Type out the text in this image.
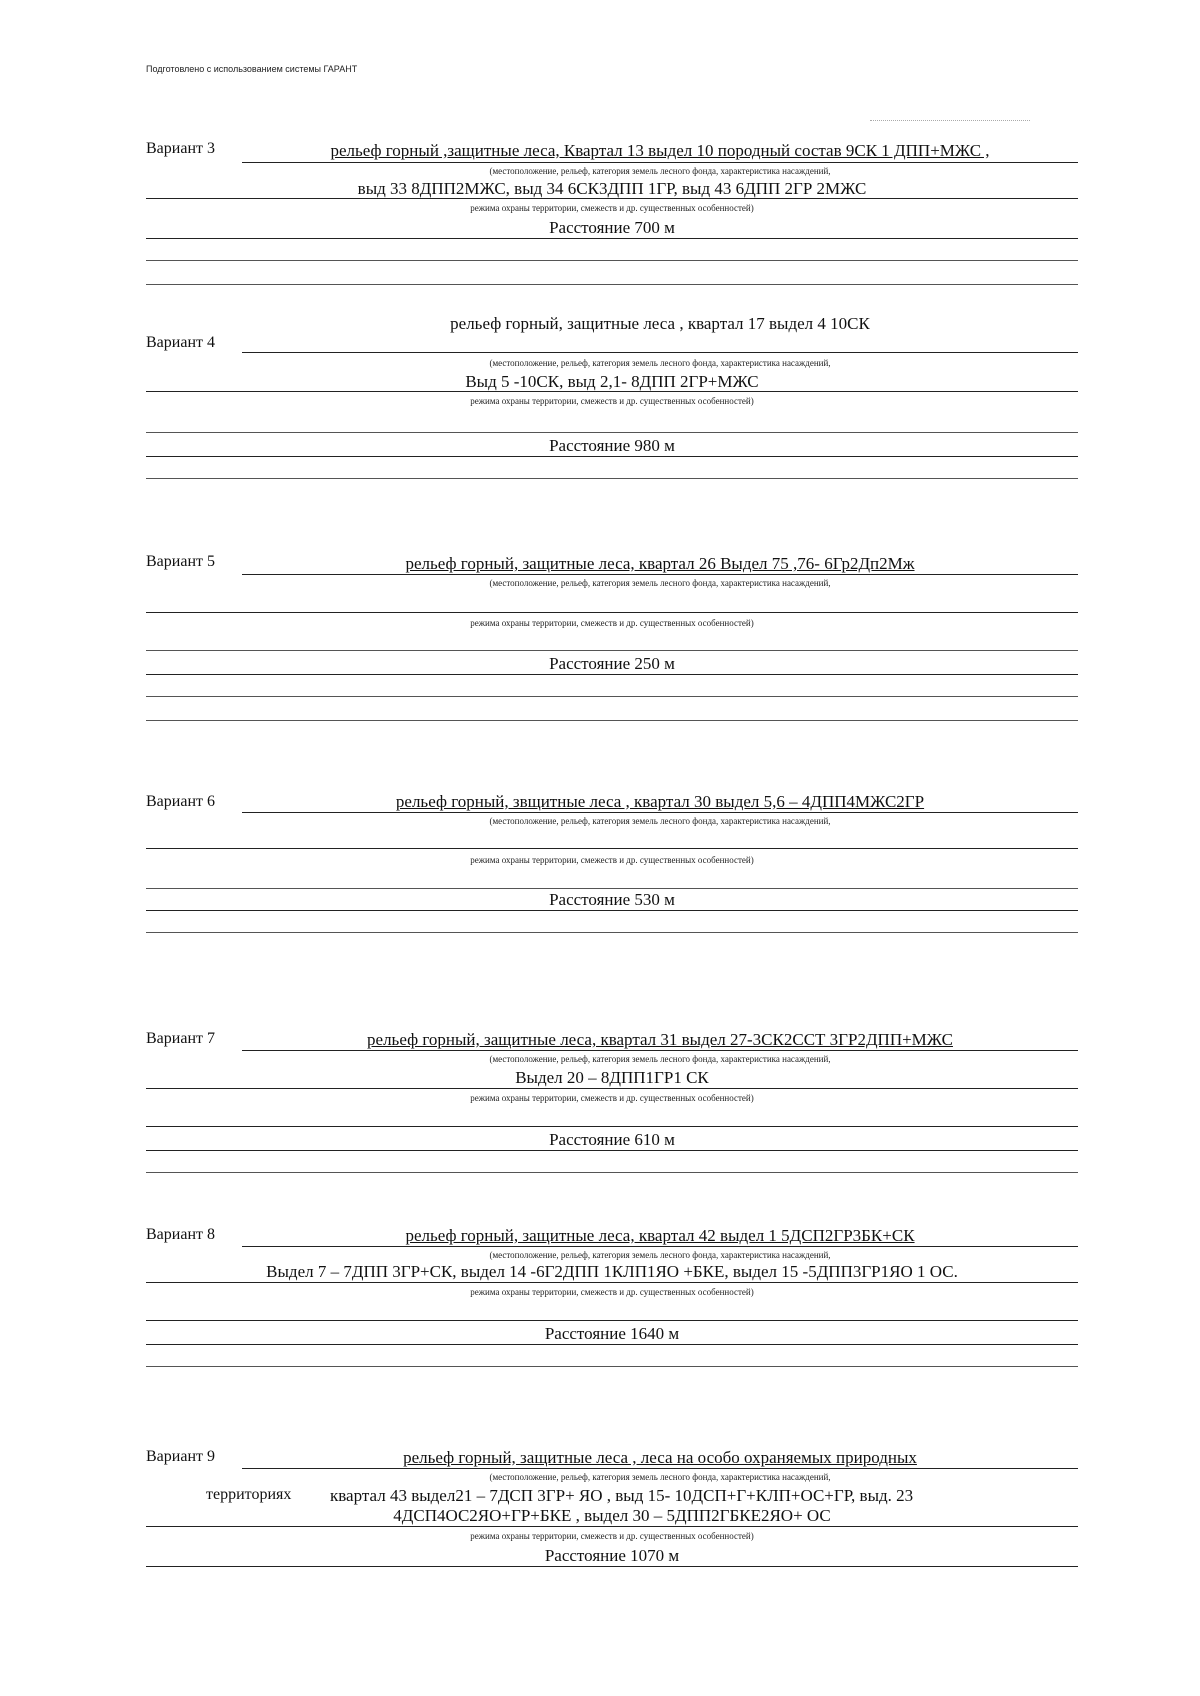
Подготовлено с использованием системы ГАРАНТ
Вариант 3	рельеф горный ,защитные леса, Квартал 13 выдел 10 породный состав 9СК 1 ДПП+МЖС ,
(местоположение, рельеф, категория земель лесного фонда, характеристика насаждений,
выд 33 8ДПП2МЖС, выд 34 6СК3ДПП 1ГР, выд 43 6ДПП 2ГР 2МЖС
режима охраны территории, смежеств и др. существенных особенностей)
Расстояние 700 м
рельеф горный, защитные леса , квартал 17 выдел 4 10СК
Вариант 4
(местоположение, рельеф, категория земель лесного фонда, характеристика насаждений,
Выд 5 -10СК, выд 2,1- 8ДПП 2ГР+МЖС
режима охраны территории, смежеств и др. существенных особенностей)
Расстояние 980 м
Вариант 5	рельеф горный, защитные леса, квартал 26 Выдел 75 ,76- 6Гр2Дп2Мж
(местоположение, рельеф, категория земель лесного фонда, характеристика насаждений,
режима охраны территории, смежеств и др. существенных особенностей)
Расстояние 250 м
Вариант 6	рельеф горный, звщитные леса , квартал 30 выдел 5,6 – 4ДПП4МЖС2ГР
(местоположение, рельеф, категория земель лесного фонда, характеристика насаждений,
режима охраны территории, смежеств и др. существенных особенностей)
Расстояние 530 м
Вариант 7	рельеф горный, защитные леса, квартал 31 выдел 27-3СК2ССТ 3ГР2ДПП+МЖС
(местоположение, рельеф, категория земель лесного фонда, характеристика насаждений,
Выдел 20 – 8ДПП1ГР1 СК
режима охраны территории, смежеств и др. существенных особенностей)
Расстояние 610 м
Вариант 8	рельеф горный, защитные леса, квартал 42 выдел 1 5ДСП2ГР3БК+СК
(местоположение, рельеф, категория земель лесного фонда, характеристика насаждений,
Выдел 7 – 7ДПП 3ГР+СК, выдел 14 -6Г2ДПП 1КЛП1ЯО +БКЕ, выдел 15 -5ДПП3ГР1ЯО 1 ОС.
режима охраны территории, смежеств и др. существенных особенностей)
Расстояние 1640 м
Вариант 9	рельеф горный, защитные леса , леса на особо охраняемых природных
(местоположение, рельеф, категория земель лесного фонда, характеристика насаждений,
территориях квартал 43 выдел21 – 7ДСП 3ГР+ ЯО , выд 15- 10ДСП+Г+КЛП+ОС+ГР, выд. 23
4ДСП4ОС2ЯО+ГР+БКЕ , выдел 30 – 5ДПП2ГБКЕ2ЯО+ ОС
режима охраны территории, смежеств и др. существенных особенностей)
Расстояние 1070 м
